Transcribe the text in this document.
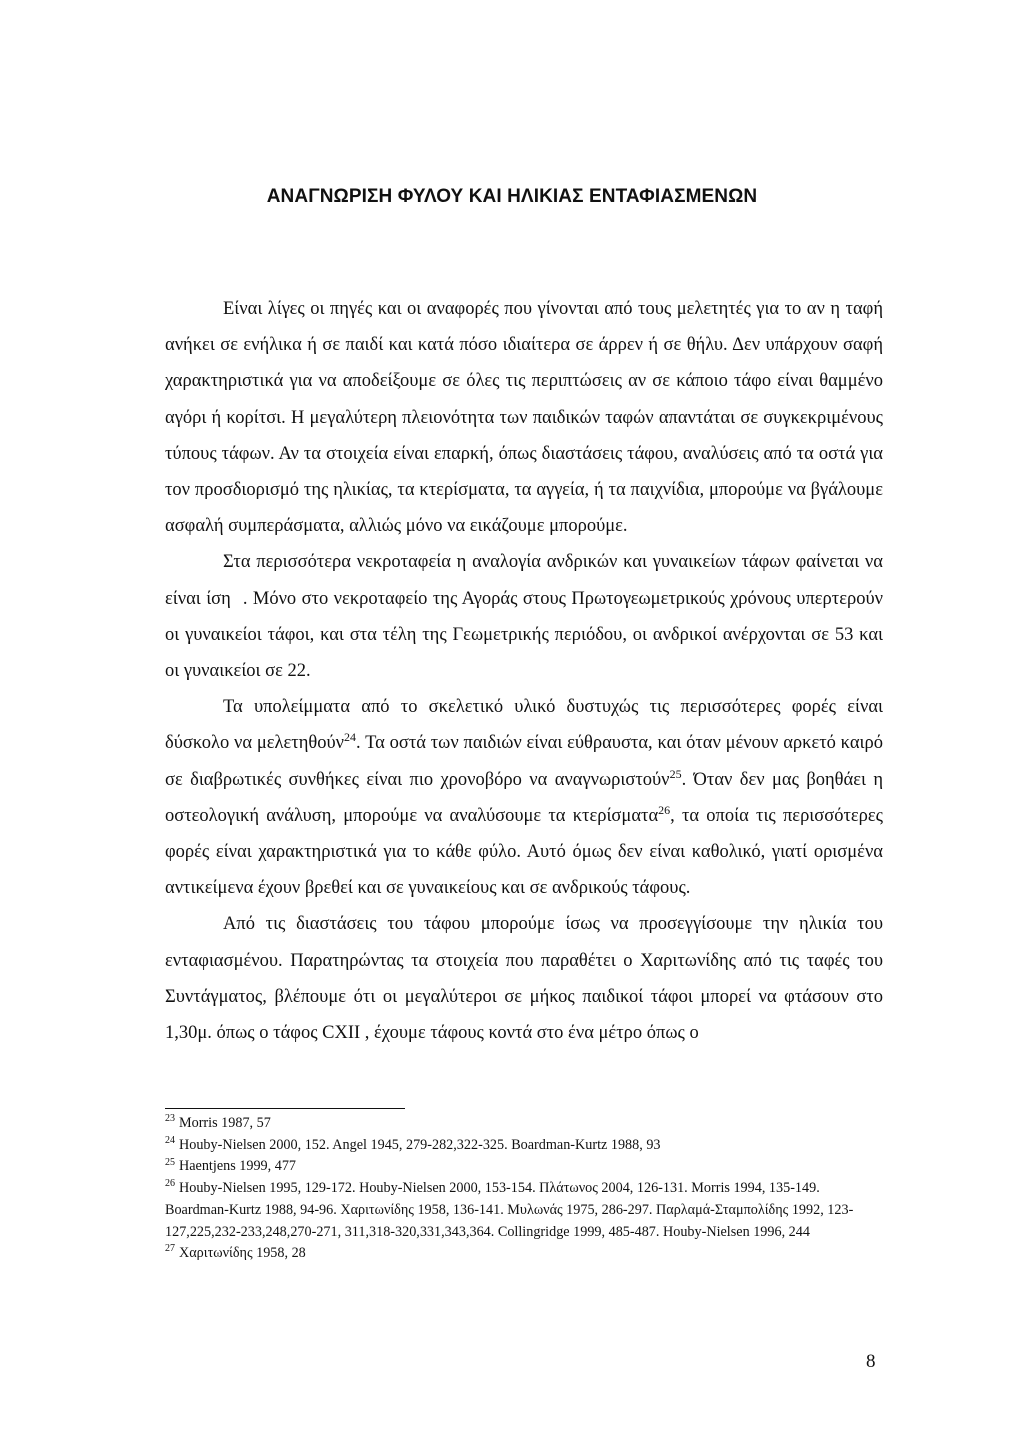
ΑΝΑΓΝΩΡΙΣΗ ΦΥΛΟΥ ΚΑΙ ΗΛΙΚΙΑΣ ΕΝΤΑΦΙΑΣΜΕΝΩΝ

Είναι λίγες οι πηγές και οι αναφορές που γίνονται από τους μελετητές για το αν η ταφή ανήκει σε ενήλικα ή σε παιδί και κατά πόσο ιδιαίτερα σε άρρεν ή σε θήλυ. Δεν υπάρχουν σαφή χαρακτηριστικά για να αποδείξουμε σε όλες τις περιπτώσεις αν σε κάποιο τάφο είναι θαμμένο αγόρι ή κορίτσι. Η μεγαλύτερη πλειονότητα των παιδικών ταφών απαντάται σε συγκεκριμένους τύπους τάφων. Αν τα στοιχεία είναι επαρκή, όπως διαστάσεις τάφου, αναλύσεις από τα οστά για τον προσδιορισμό της ηλικίας, τα κτερίσματα, τα αγγεία, ή τα παιχνίδια, μπορούμε να βγάλουμε ασφαλή συμπεράσματα, αλλιώς μόνο να εικάζουμε μπορούμε.

Στα περισσότερα νεκροταφεία η αναλογία ανδρικών και γυναικείων τάφων φαίνεται να είναι ίση$^{23}$. Μόνο στο νεκροταφείο της Αγοράς στους Πρωτογεωμετρικούς χρόνους υπερτερούν οι γυναικείοι τάφοι, και στα τέλη της Γεωμετρικής περιόδου, οι ανδρικοί ανέρχονται σε 53 και οι γυναικείοι σε 22.

Τα υπολείμματα από το σκελετικό υλικό δυστυχώς τις περισσότερες φορές είναι δύσκολο να μελετηθούν$^{24}$. Τα οστά των παιδιών είναι εύθραυστα, και όταν μένουν αρκετό καιρό σε διαβρωτικές συνθήκες είναι πιο χρονοβόρο να αναγνωριστούν$^{25}$. Όταν δεν μας βοηθάει η οστεολογική ανάλυση, μπορούμε να αναλύσουμε τα κτερίσματα$^{26}$, τα οποία τις περισσότερες φορές είναι χαρακτηριστικά για το κάθε φύλο. Αυτό όμως δεν είναι καθολικό, γιατί ορισμένα αντικείμενα έχουν βρεθεί και σε γυναικείους και σε ανδρικούς τάφους.

Από τις διαστάσεις του τάφου μπορούμε ίσως να προσεγγίσουμε την ηλικία του ενταφιασμένου. Παρατηρώντας τα στοιχεία που παραθέτει ο Χαριτωνίδης από τις ταφές του Συντάγματος, βλέπουμε ότι οι μεγαλύτεροι σε μήκος παιδικοί τάφοι μπορεί να φτάσουν στο 1,30μ. όπως ο τάφος CXII , έχουμε τάφους κοντά στο ένα μέτρο όπως ο

$^{23}$ Morris 1987, 57

$^{24}$ Houby-Nielsen 2000, 152. Angel 1945, 279-282,322-325. Boardman-Kurtz 1988, 93

$^{25}$ Haentjens 1999, 477

$^{26}$ Houby-Nielsen 1995, 129-172. Houby-Nielsen 2000, 153-154. Πλάτωνος 2004, 126-131. Morris 1994, 135-149. Boardman-Kurtz 1988, 94-96. Χαριτωνίδης 1958, 136-141. Μυλωνάς 1975, 286-297. Παρλαμά-Σταμπολίδης 1992, 123-127,225,232-233,248,270-271, 311,318-320,331,343,364. Collingridge 1999, 485-487. Houby-Nielsen 1996, 244

$^{27}$ Χαριτωνίδης 1958, 28

8
